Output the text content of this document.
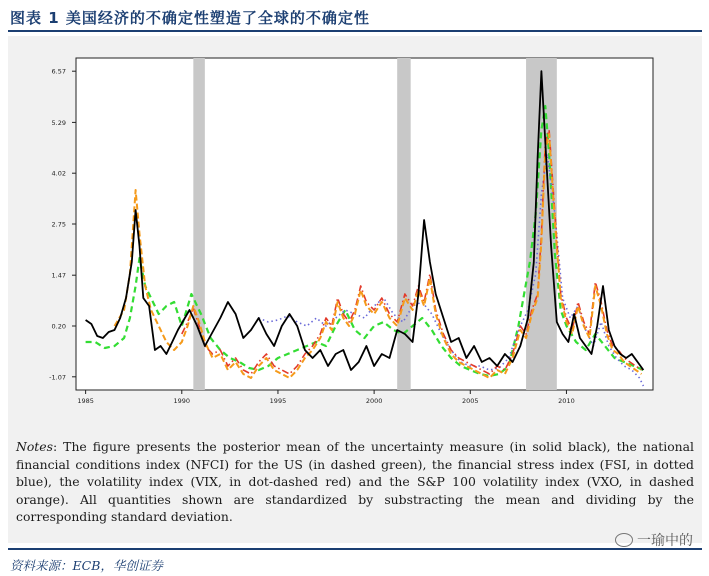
图表 1 美国经济的不确定性塑造了全球的不确定性
6.57
5.29
4.02
2.75
1.47
0.20
-1.07
1985	1990	1995	2000	2005	2010
Notes: The figure presents the posterior mean of the uncertainty measure (in solid black), the national financial conditions index (NFCI) for the US (in dashed green), the financial stress index (FSI, in dotted blue), the volatility index (VIX, in dot-dashed red) and the S&P 100 volatility index (VXO, in dashed orange). All quantities shown are standardized by substracting the mean and dividing by the corresponding standard deviation.
一瑜中的
资料来源：ECB，华创证券
